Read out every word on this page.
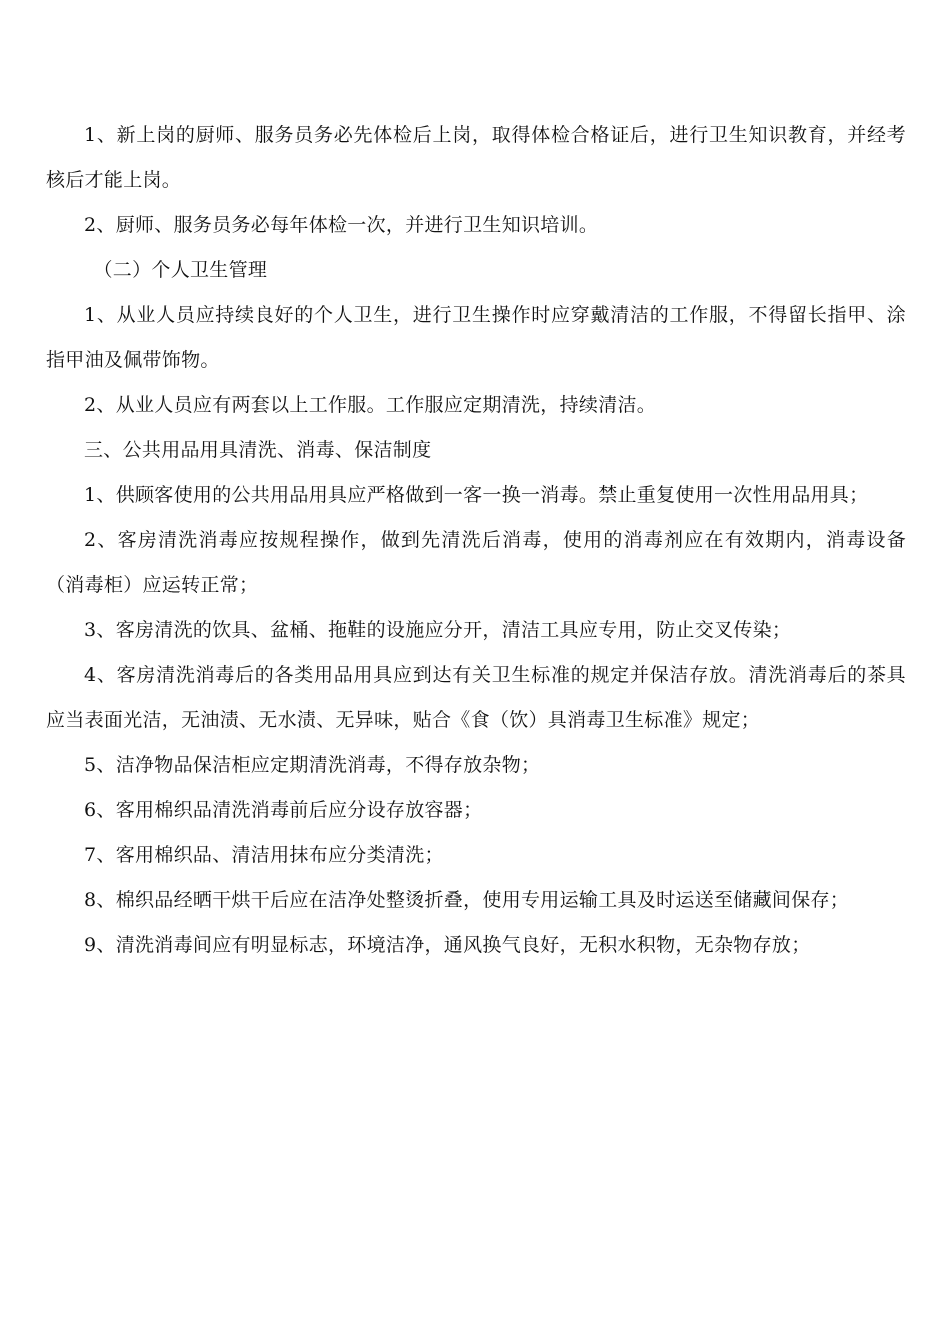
1、新上岗的厨师、服务员务必先体检后上岗，取得体检合格证后，进行卫生知识教育，并经考核后才能上岗。

2、厨师、服务员务必每年体检一次，并进行卫生知识培训。

（二）个人卫生管理

1、从业人员应持续良好的个人卫生，进行卫生操作时应穿戴清洁的工作服，不得留长指甲、涂指甲油及佩带饰物。

2、从业人员应有两套以上工作服。工作服应定期清洗，持续清洁。

三、公共用品用具清洗、消毒、保洁制度

1、供顾客使用的公共用品用具应严格做到一客一换一消毒。禁止重复使用一次性用品用具；

2、客房清洗消毒应按规程操作，做到先清洗后消毒，使用的消毒剂应在有效期内，消毒设备（消毒柜）应运转正常；

3、客房清洗的饮具、盆桶、拖鞋的设施应分开，清洁工具应专用，防止交叉传染；

4、客房清洗消毒后的各类用品用具应到达有关卫生标准的规定并保洁存放。清洗消毒后的茶具应当表面光洁，无油渍、无水渍、无异味，贴合《食（饮）具消毒卫生标准》规定；

5、洁净物品保洁柜应定期清洗消毒，不得存放杂物；

6、客用棉织品清洗消毒前后应分设存放容器；

7、客用棉织品、清洁用抹布应分类清洗；

8、棉织品经晒干烘干后应在洁净处整烫折叠，使用专用运输工具及时运送至储藏间保存；

9、清洗消毒间应有明显标志，环境洁净，通风换气良好，无积水积物，无杂物存放；
